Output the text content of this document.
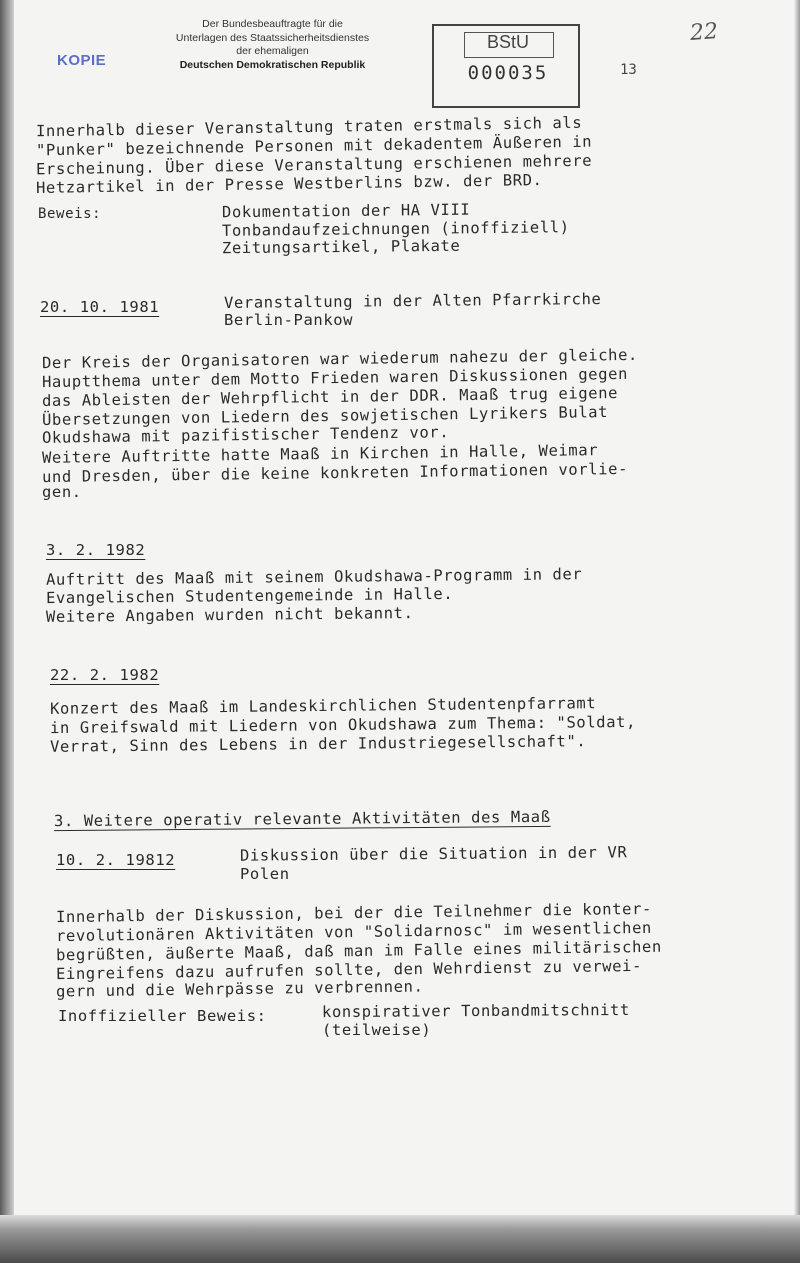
KOPIE
Der Bundesbeauftragte für die
Unterlagen des Staatssicherheitsdienstes
der ehemaligen
Deutschen Demokratischen Republik
BStU
000035	13
22
Innerhalb dieser Veranstaltung traten erstmals sich als
"Punker" bezeichnende Personen mit dekadentem Äußeren in
Erscheinung. Über diese Veranstaltung erschienen mehrere
Hetzartikel in der Presse Westberlins bzw. der BRD.
Beweis:	Dokumentation der HA VIII
Tonbandaufzeichnungen (inoffiziell)
Zeitungsartikel, Plakate
20. 10. 1981	Veranstaltung in der Alten Pfarrkirche
Berlin-Pankow
Der Kreis der Organisatoren war wiederum nahezu der gleiche.
Hauptthema unter dem Motto Frieden waren Diskussionen gegen
das Ableisten der Wehrpflicht in der DDR. Maaß trug eigene
Übersetzungen von Liedern des sowjetischen Lyrikers Bulat
Okudshawa mit pazifistischer Tendenz vor.
Weitere Auftritte hatte Maaß in Kirchen in Halle, Weimar
und Dresden, über die keine konkreten Informationen vorlie-
gen.
3. 2. 1982
Auftritt des Maaß mit seinem Okudshawa-Programm in der
Evangelischen Studentengemeinde in Halle.
Weitere Angaben wurden nicht bekannt.
22. 2. 1982
Konzert des Maaß im Landeskirchlichen Studentenpfarramt
in Greifswald mit Liedern von Okudshawa zum Thema: "Soldat,
Verrat, Sinn des Lebens in der Industriegesellschaft".
3. Weitere operativ relevante Aktivitäten des Maaß
10. 2. 19812	Diskussion über die Situation in der VR
Polen
Innerhalb der Diskussion, bei der die Teilnehmer die konter-
revolutionären Aktivitäten von "Solidarnosc" im wesentlichen
begrüßten, äußerte Maaß, daß man im Falle eines militärischen
Eingreifens dazu aufrufen sollte, den Wehrdienst zu verwei-
gern und die Wehrpässe zu verbrennen.
Inoffizieller Beweis:	konspirativer Tonbandmitschnitt
(teilweise)
